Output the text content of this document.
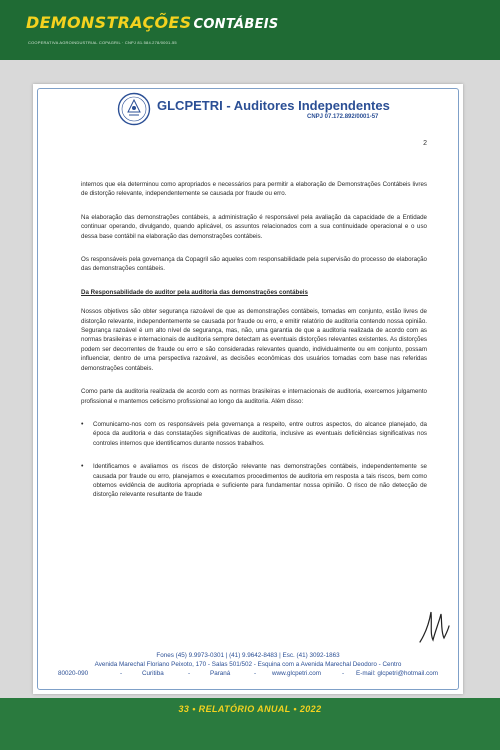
DEMONSTRAÇÕES CONTÁBEIS
COOPERATIVA AGROINDUSTRIAL COPAGRIL · CNPJ 81.584.278/0001-55
GLCPETRI - Auditores Independentes
CNPJ 07.172.892/0001-57
2

internos que ela determinou como apropriados e necessários para permitir a elaboração de Demonstrações Contábeis livres de distorção relevante, independentemente se causada por fraude ou erro.

Na elaboração das demonstrações contábeis, a administração é responsável pela avaliação da capacidade de a Entidade continuar operando, divulgando, quando aplicável, os assuntos relacionados com a sua continuidade operacional e o uso dessa base contábil na elaboração das demonstrações contábeis.

Os responsáveis pela governança da Copagril são aqueles com responsabilidade pela supervisão do processo de elaboração das demonstrações contábeis.

Da Responsabilidade do auditor pela auditoria das demonstrações contábeis

Nossos objetivos são obter segurança razoável de que as demonstrações contábeis, tomadas em conjunto, estão livres de distorção relevante, independentemente se causada por fraude ou erro, e emitir relatório de auditoria contendo nossa opinião. Segurança razoável é um alto nível de segurança, mas, não, uma garantia de que a auditoria realizada de acordo com as normas brasileiras e internacionais de auditoria sempre detectam as eventuais distorções relevantes existentes. As distorções podem ser decorrentes de fraude ou erro e são consideradas relevantes quando, individualmente ou em conjunto, possam influenciar, dentro de uma perspectiva razoável, as decisões econômicas dos usuários tomadas com base nas referidas demonstrações contábeis.

Como parte da auditoria realizada de acordo com as normas brasileiras e internacionais de auditoria, exercemos julgamento profissional e mantemos ceticismo profissional ao longo da auditoria. Além disso:

•	Comunicamo-nos com os responsáveis pela governança a respeito, entre outros aspectos, do alcance planejado, da época da auditoria e das constatações significativas de auditoria, inclusive as eventuais deficiências significativas nos controles internos que identificamos durante nossos trabalhos.
•	Identificamos e avaliamos os riscos de distorção relevante nas demonstrações contábeis, independentemente se causada por fraude ou erro, planejamos e executamos procedimentos de auditoria em resposta a tais riscos, bem como obtemos evidência de auditoria apropriada e suficiente para fundamentar nossa opinião. O risco de não detecção de distorção relevante resultante de fraude
Fones (45) 9.9973-0301 | (41) 9.9642-8483 | Esc. (41) 3092-1863
Avenida Marechal Floriano Peixoto, 170 - Salas 501/502 - Esquina com a Avenida Marechal Deodoro - Centro
80020-090	-	Curitiba	-	Paraná	-	www.glcpetri.com	- E-mail: glcpetri@hotmail.com
33 • RELATÓRIO ANUAL • 2022
